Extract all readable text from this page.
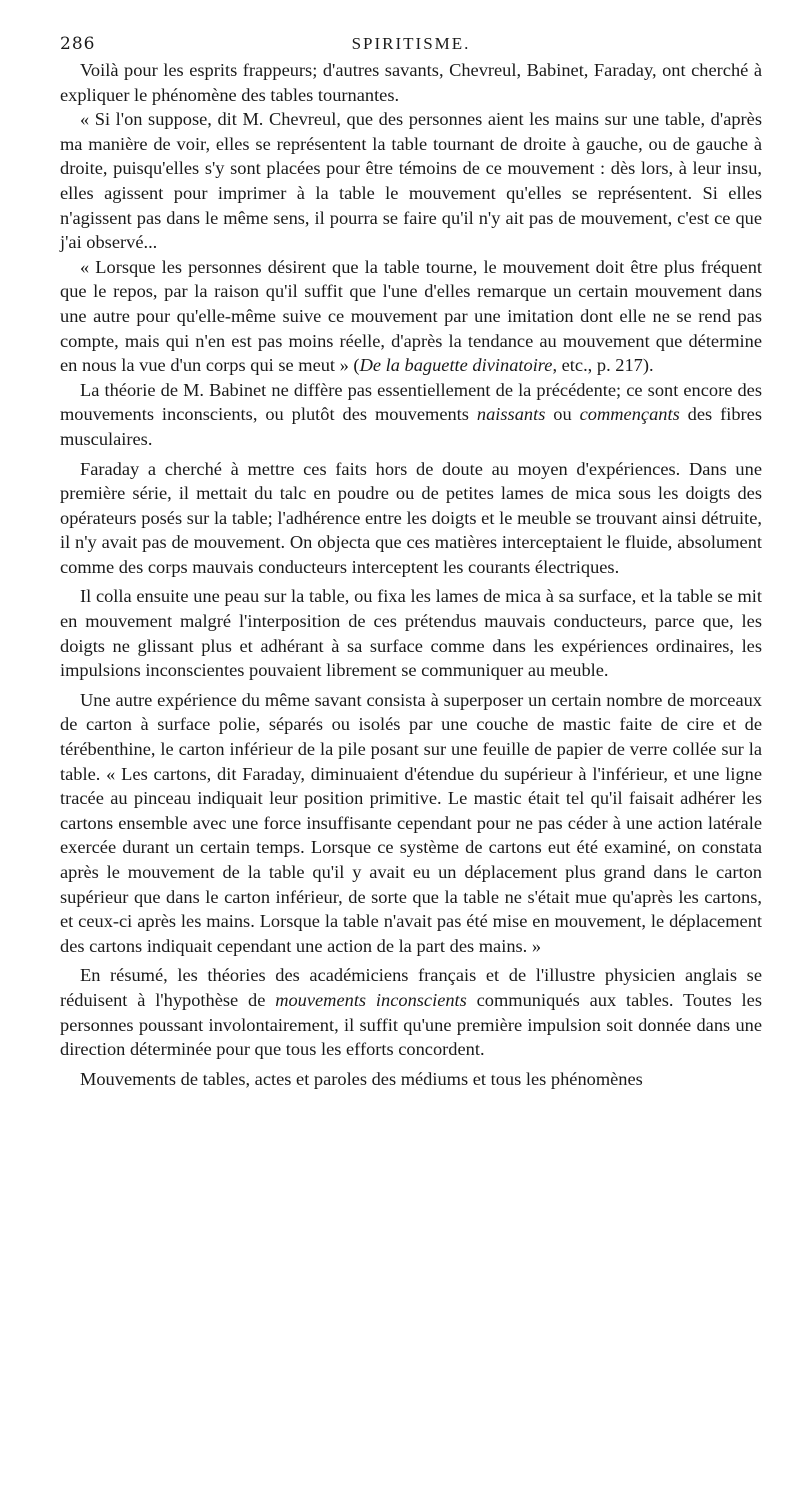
286	SPIRITISME.

Voilà pour les esprits frappeurs; d'autres savants, Chevreul, Babinet, Faraday, ont cherché à expliquer le phénomène des tables tournantes.

« Si l'on suppose, dit M. Chevreul, que des personnes aient les mains sur une table, d'après ma manière de voir, elles se représentent la table tournant de droite à gauche, ou de gauche à droite, puisqu'elles s'y sont placées pour être témoins de ce mouvement : dès lors, à leur insu, elles agissent pour imprimer à la table le mouvement qu'elles se représentent. Si elles n'agissent pas dans le même sens, il pourra se faire qu'il n'y ait pas de mouvement, c'est ce que j'ai observé...

« Lorsque les personnes désirent que la table tourne, le mouvement doit être plus fréquent que le repos, par la raison qu'il suffit que l'une d'elles remarque un certain mouvement dans une autre pour qu'elle-même suive ce mouvement par une imitation dont elle ne se rend pas compte, mais qui n'en est pas moins réelle, d'après la tendance au mouvement que détermine en nous la vue d'un corps qui se meut » (De la baguette divinatoire, etc., p. 217).

La théorie de M. Babinet ne diffère pas essentiellement de la précédente; ce sont encore des mouvements inconscients, ou plutôt des mouvements naissants ou commençants des fibres musculaires.

Faraday a cherché à mettre ces faits hors de doute au moyen d'expériences. Dans une première série, il mettait du talc en poudre ou de petites lames de mica sous les doigts des opérateurs posés sur la table; l'adhérence entre les doigts et le meuble se trouvant ainsi détruite, il n'y avait pas de mouvement. On objecta que ces matières interceptaient le fluide, absolument comme des corps mauvais conducteurs interceptent les courants électriques.

Il colla ensuite une peau sur la table, ou fixa les lames de mica à sa surface, et la table se mit en mouvement malgré l'interposition de ces prétendus mauvais conducteurs, parce que, les doigts ne glissant plus et adhérant à sa surface comme dans les expériences ordinaires, les impulsions inconscientes pouvaient librement se communiquer au meuble.

Une autre expérience du même savant consista à superposer un certain nombre de morceaux de carton à surface polie, séparés ou isolés par une couche de mastic faite de cire et de térébenthine, le carton inférieur de la pile posant sur une feuille de papier de verre collée sur la table. « Les cartons, dit Faraday, diminuaient d'étendue du supérieur à l'inférieur, et une ligne tracée au pinceau indiquait leur position primitive. Le mastic était tel qu'il faisait adhérer les cartons ensemble avec une force insuffisante cependant pour ne pas céder à une action latérale exercée durant un certain temps. Lorsque ce système de cartons eut été examiné, on constata après le mouvement de la table qu'il y avait eu un déplacement plus grand dans le carton supérieur que dans le carton inférieur, de sorte que la table ne s'était mue qu'après les cartons, et ceux-ci après les mains. Lorsque la table n'avait pas été mise en mouvement, le déplacement des cartons indiquait cependant une action de la part des mains. »

En résumé, les théories des académiciens français et de l'illustre physicien anglais se réduisent à l'hypothèse de mouvements inconscients communiqués aux tables. Toutes les personnes poussant involontairement, il suffit qu'une première impulsion soit donnée dans une direction déterminée pour que tous les efforts concordent.

Mouvements de tables, actes et paroles des médiums et tous les phénomènes
